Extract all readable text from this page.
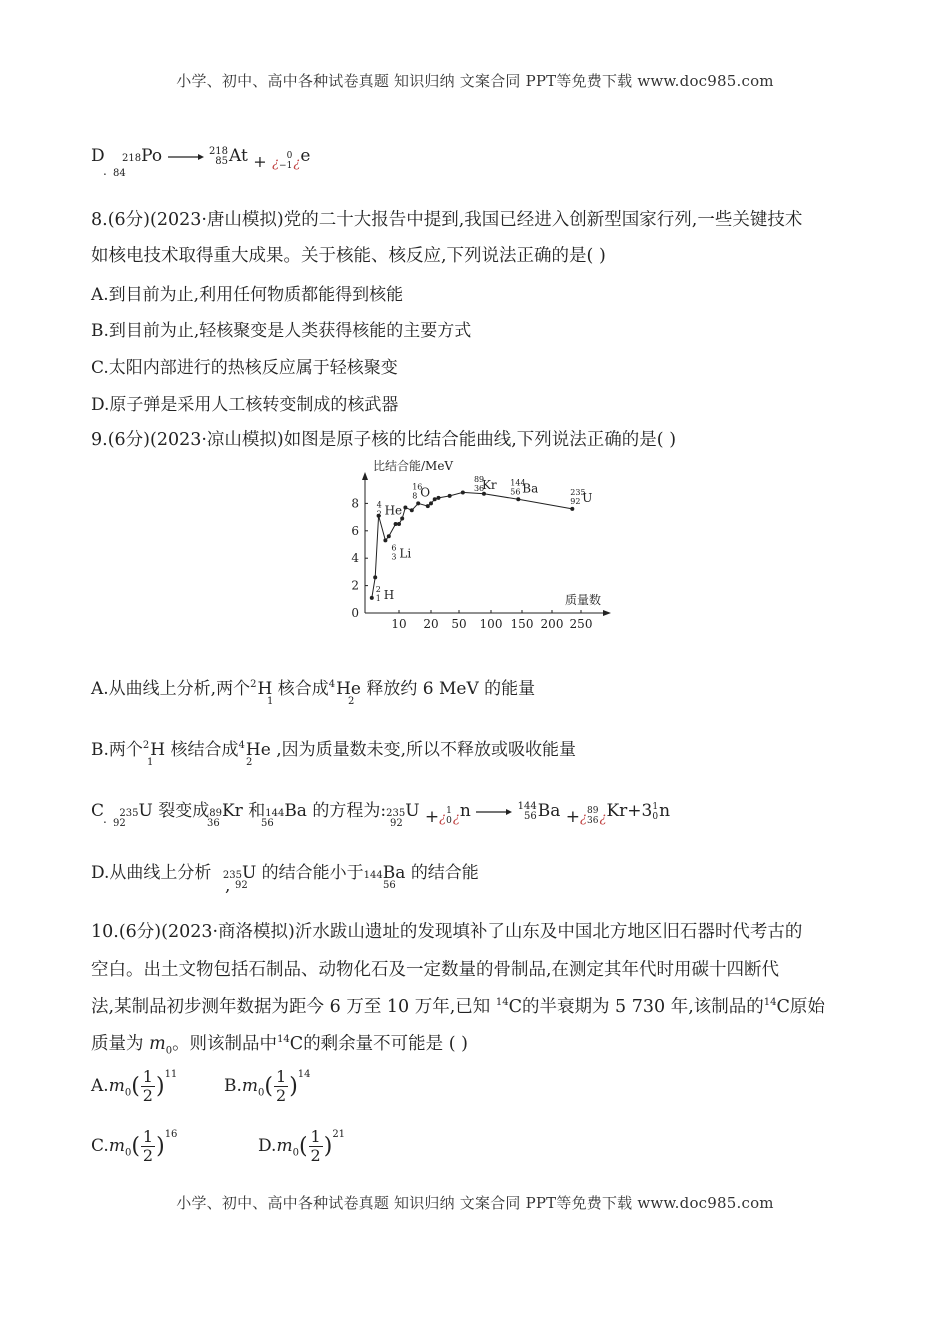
小学、初中、高中各种试卷真题 知识归纳 文案合同 PPT等免费下载 www.doc985.com
D
. 84
218Po → 218
85 At + $_¿$
0
−1 $_¿$e
8.(6分)(2023·唐山模拟)党的二十大报告中提到,我国已经进入创新型国家行列,一些关键技术
如核电技术取得重大成果。关于核能、核反应,下列说法正确的是( )
A.到目前为止,利用任何物质都能得到核能
B.到目前为止,轻核聚变是人类获得核能的主要方式
C.太阳内部进行的热核反应属于轻核聚变
D.原子弹是采用人工核转变制成的核武器
9.(6分)(2023·凉山模拟)如图是原子核的比结合能曲线,下列说法正确的是( )
比结合能/MeV
质量数
0
2
4
6
8
10 20 50 100 150 200 250
2
1 H
6
3 Li
4
2 He
16
8 O
89
36
Kr 144
56 Ba	235
92 U
A.从曲线上分析,两个 2 H
1
核合成 4 He
2
释放约 6 MeV 的能量
B.两个 2 H
1
核结合成 4 He
2
,因为质量数未变,所以不释放或吸收能量
C
. 235U
92
裂变成89Kr
36
和144Ba
56
的方程为:235U
$92 +_¿$
1
0 $_¿$n → 144
56 $Ba +_¿$
89
36 $_¿$Kr+3 1
0 n
D.从曲线上分析
,
235U
92
的结合能小于144Ba
56
的结合能
10.(6分)(2023·商洛模拟)沂水跋山遗址的发现填补了山东及中国北方地区旧石器时代考古的
空白。出土文物包括石制品、动物化石及一定数量的骨制品,在测定其年代时用碳十四断代
法,某制品初步测年数据为距今 6 万至 10 万年,已知 $^{14}$C的半衰期为 5 730 年,该制品的$^{14}$C原始
质量为 $m_0$。则该制品中$^{14}$C的剩余量不可能是 ( )
$A.m_0( \frac{1}{2} )^{11}$
$B.m_0( \frac{1}{2} )^{14}$
$C.m_0( \frac{1}{2} )^{16}$
$D.m_0( \frac{1}{2} )^{21}$
小学、初中、高中各种试卷真题 知识归纳 文案合同 PPT等免费下载 www.doc985.com
